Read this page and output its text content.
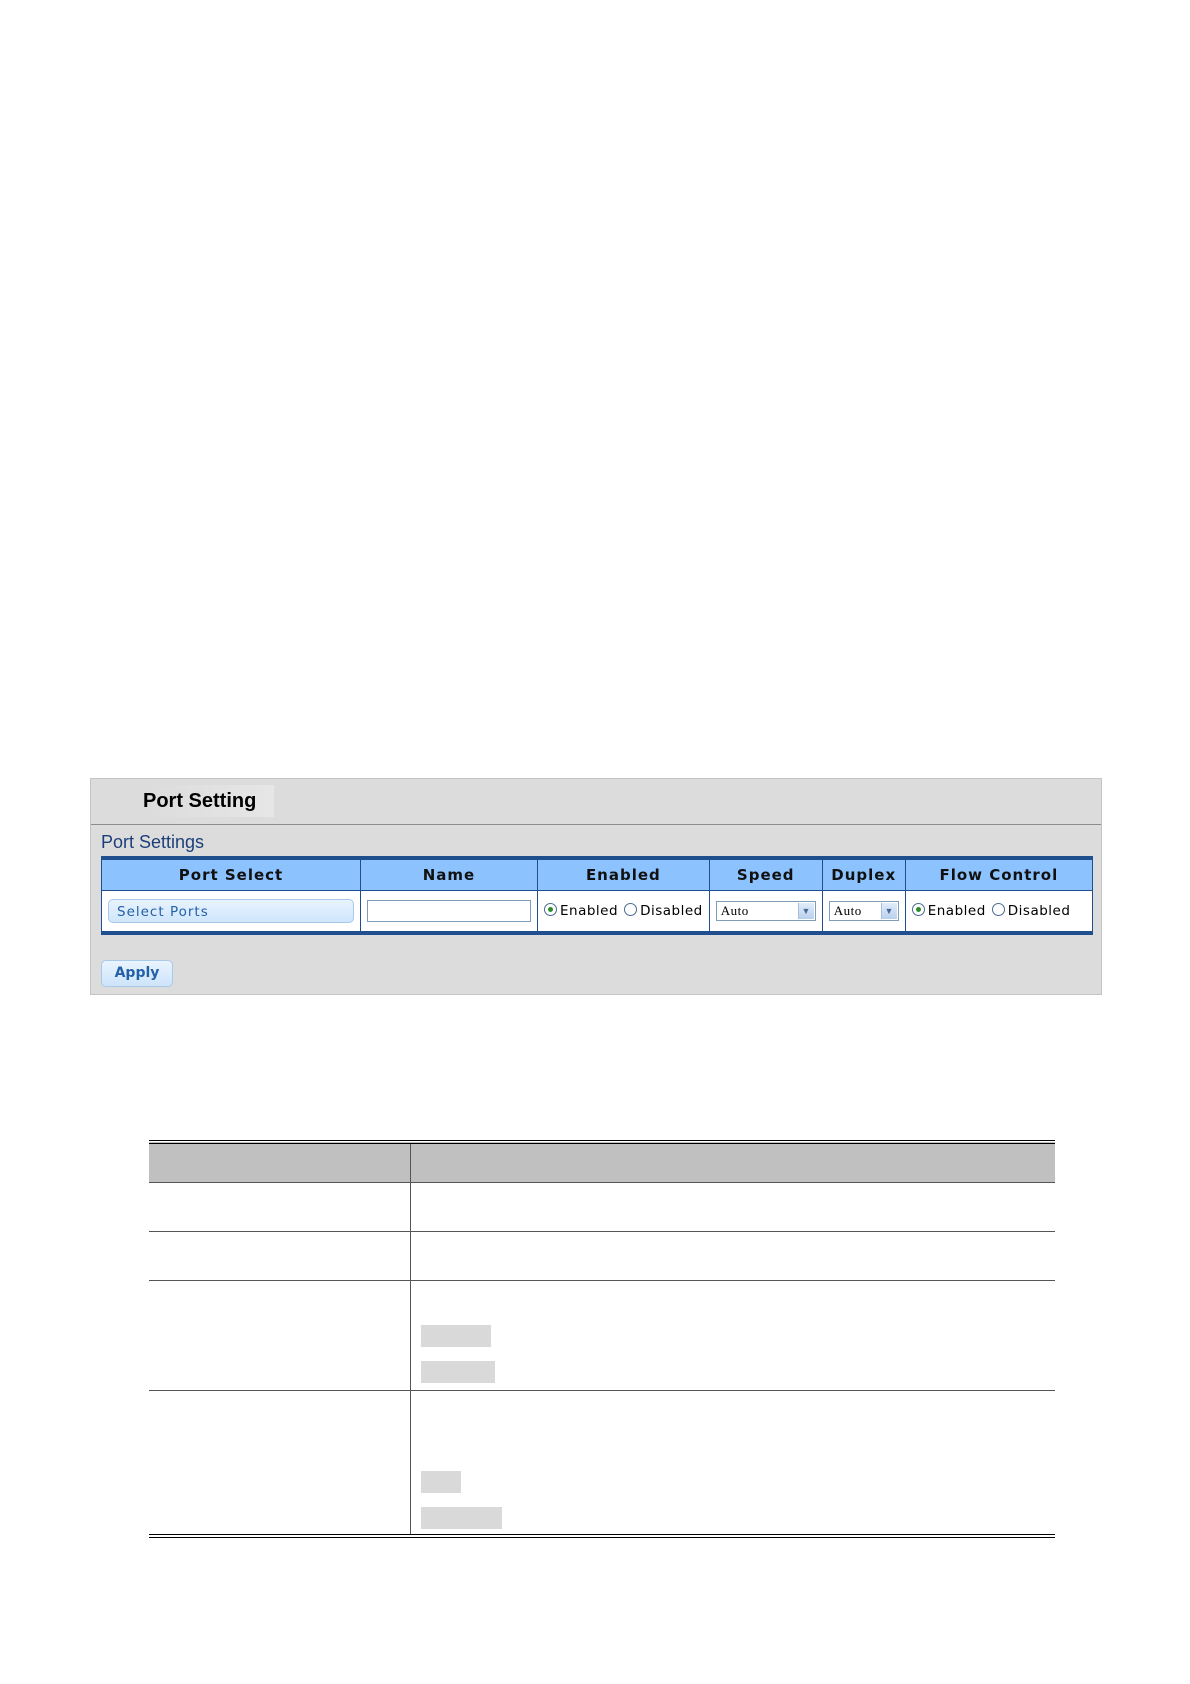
Port Setting
Port Settings
Port Select	Name	Enabled	Speed	Duplex	Flow Control

Select Ports		Enabled Disabled	Auto ▼	Auto ▼	Enabled Disabled
Apply
